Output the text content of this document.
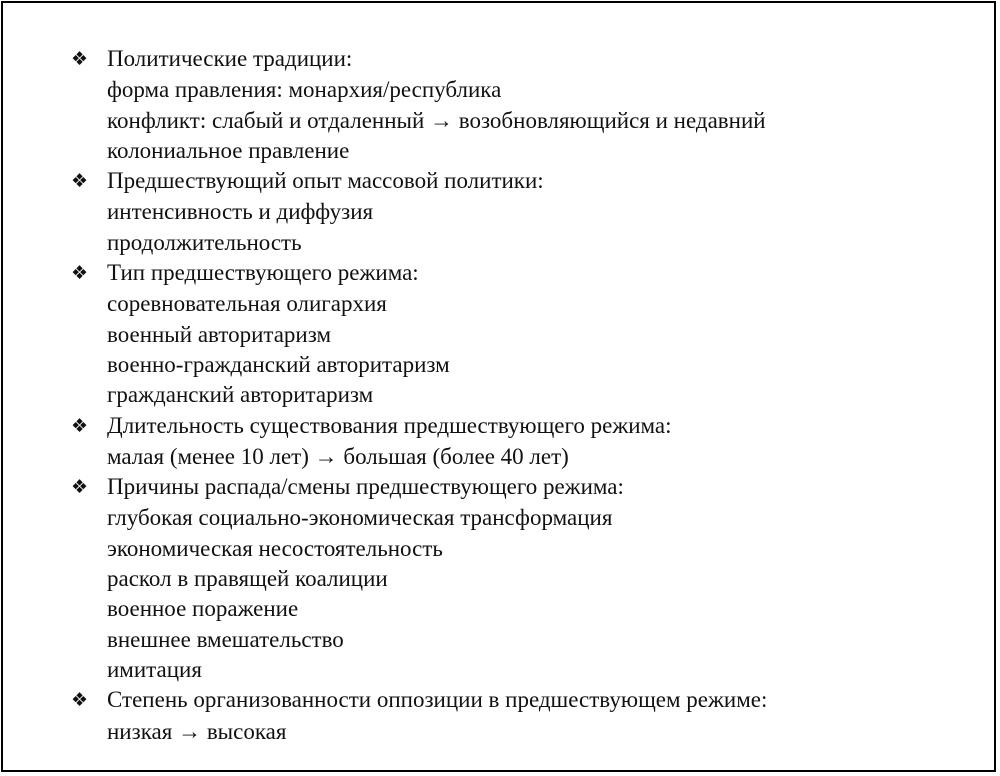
❖ Политические традиции:
форма правления: монархия/республика
конфликт: слабый и отдаленный → возобновляющийся и недавний
колониальное правление
❖ Предшествующий опыт массовой политики:
интенсивность и диффузия
продолжительность
❖ Тип предшествующего режима:
соревновательная олигархия
военный авторитаризм
военно-гражданский авторитаризм
гражданский авторитаризм
❖ Длительность существования предшествующего режима:
малая (менее 10 лет) → большая (более 40 лет)
❖ Причины распада/смены предшествующего режима:
глубокая социально-экономическая трансформация
экономическая несостоятельность
раскол в правящей коалиции
военное поражение
внешнее вмешательство
имитация
❖ Степень организованности оппозиции в предшествующем режиме:
низкая → высокая
